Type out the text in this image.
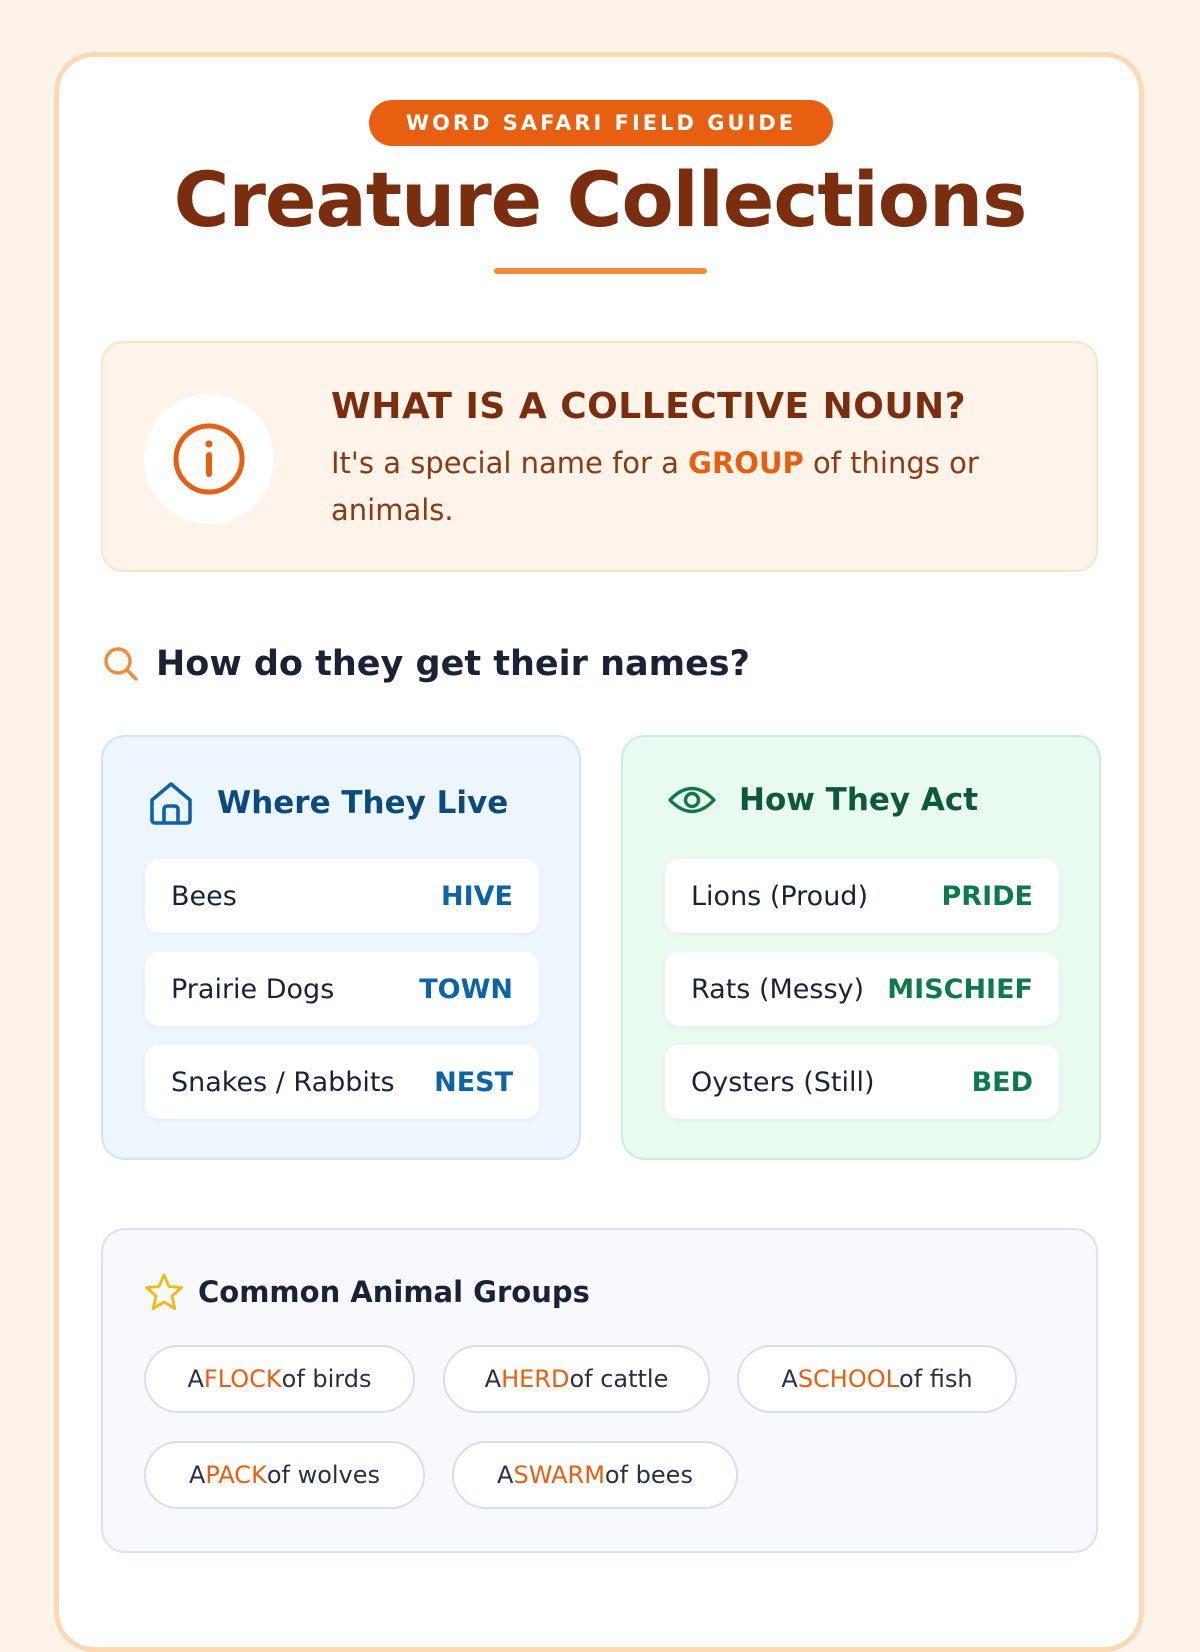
WORD SAFARI FIELD GUIDE
Creature Collections
WHAT IS A COLLECTIVE NOUN?
It's a special name for a GROUP of things or animals.
How do they get their names?
Where They Live
Bees	HIVE
Prairie Dogs	TOWN
Snakes / Rabbits NEST
How They Act
Lions (Proud)	PRIDE
Rats (Messy) MISCHIEF
Oysters (Still)	BED
Common Animal Groups
A FLOCK of birds	A HERD of cattle	A SCHOOL of fish
A PACK of wolves	A SWARM of bees
